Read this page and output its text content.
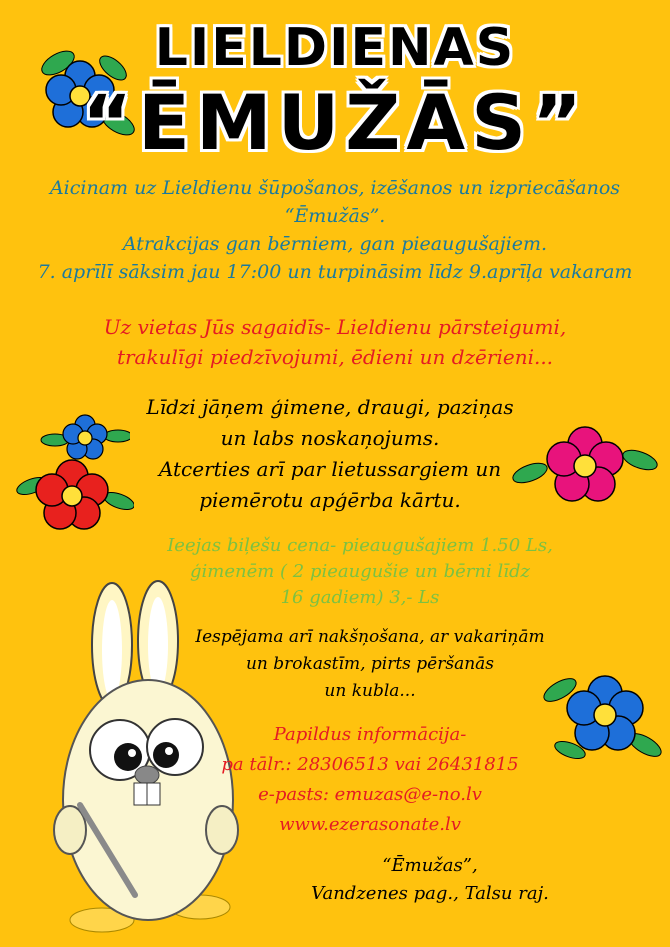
LIELDIENAS
“ĒMUŽĀS”
Aicinam uz Lieldienu šūpošanos, izēšanos un izpriecāšanos
“Ēmužās”.
Atrakcijas gan bērniem, gan pieaugušajiem.
7. aprīlī sāksim jau 17:00 un turpināsim līdz 9.aprīļa vakaram
Uz vietas Jūs sagaidīs- Lieldienu pārsteigumi,
trakulīgi piedzīvojumi, ēdieni un dzērieni...
Līdzi jāņem ģimene, draugi, paziņas
un labs noskaņojums.
Atcerties arī par lietussargiem un
piemērotu apģērba kārtu.
Ieejas biļešu cena- pieaugušajiem 1.50 Ls,
ģimenēm ( 2 pieaugušie un bērni līdz
16 gadiem) 3,- Ls
Iespējama arī nakšņošana, ar vakariņām
un brokastīm, pirts pēršanās
un kubla...
Papildus informācija-
pa tālr.: 28306513 vai 26431815
e-pasts: emuzas@e-no.lv
www.ezerasonate.lv
“Ēmužas”,
Vandzenes pag., Talsu raj.
